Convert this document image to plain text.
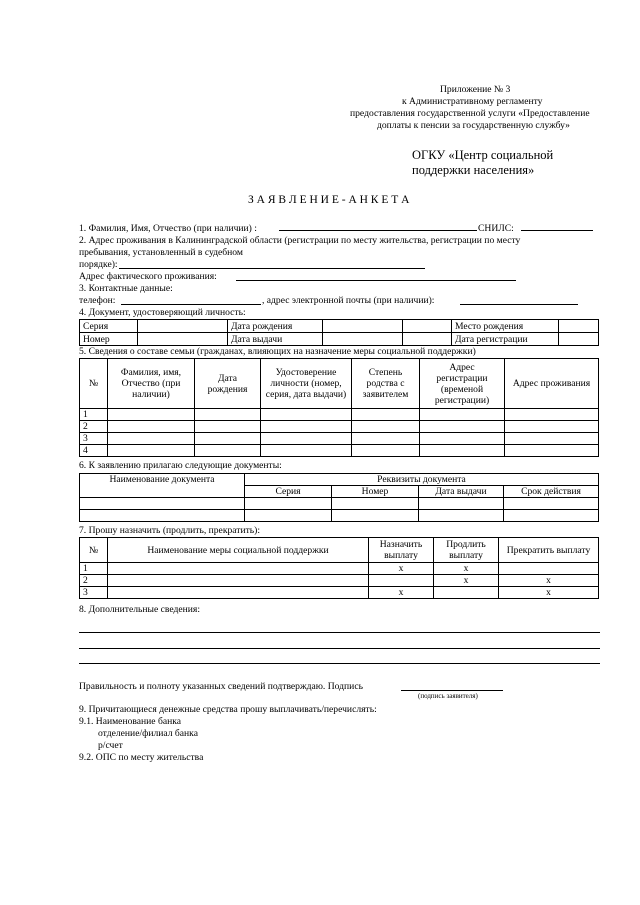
Приложение № 3
к Административному регламенту
предоставления государственной услуги «Предоставление
доплаты к пенсии за государственную службу»
ОГКУ «Центр социальной
поддержки населения»
З А Я В Л Е Н И Е - А Н К Е Т А
1. Фамилия, Имя, Отчество (при наличии) :	СНИЛС:
2. Адрес проживания в Калининградской области (регистрации по месту жительства, регистрации по месту
пребывания, установленный в судебном
порядке):
Адрес фактического проживания:
3. Контактные данные:
телефон:	, адрес электронной почты (при наличии):
4. Документ, удостоверяющий личность:
Серия		Дата рождения			Место рождения	
Номер		Дата выдачи			Дата регистрации	
5. Сведения о составе семьи (гражданах, влияющих на назначение меры социальной поддержки)
№	Фамилия, имя, Отчество (при наличии)	Дата рождения	Удостоверение личности (номер, серия, дата выдачи)	Степень родства с заявителем	Адрес регистрации (временой регистрации)	Адрес проживания
1						
2						
3						
4						
6. К заявлению прилагаю следующие документы:
Наименование документа	Реквизиты документа			
	Серия	Номер	Дата выдачи	Срок действия

7. Прошу назначить (продлить, прекратить):
№	Наименование меры социальной поддержки	Назначить выплату	Продлить выплату	Прекратить выплату
1		х	х	
2			х	х
3		х		х
8. Дополнительные сведения:
Правильность и полноту указанных сведений подтверждаю. Подпись
(подпись заявителя)
9. Причитающиеся денежные средства прошу выплачивать/перечислять:
9.1. Наименование банка
отделение/филиал банка
р/счет
9.2. ОПС по месту жительства
